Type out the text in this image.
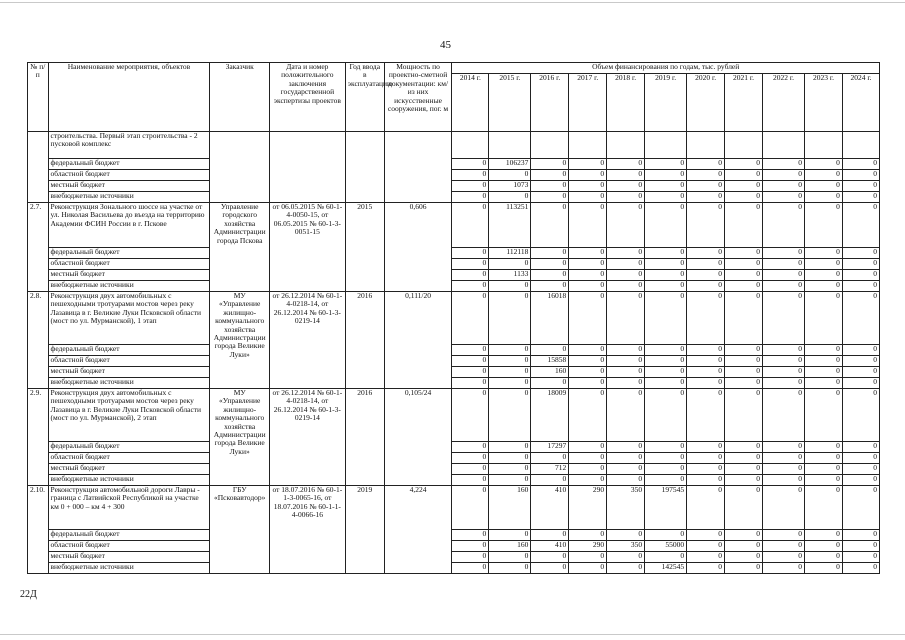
45
№ п/п	Наименование мероприятия, объектов	Заказчик	Дата и номер положительного заключения государственной экспертизы проектов	Год ввода в эксплуатацию	Мощность по проектно-сметной документации: км/из них искусственные сооружения, пог. м	Объем финансирования по годам, тыс. рублей										
						2014 г.	2015 г.	2016 г.	2017 г.	2018 г.	2019 г.	2020 г.	2021 г.	2022 г.	2023 г.	2024 г.
	строительства. Первый этап строительства - 2 пусковой комплекс															
	федеральный бюджет					0	106237	0	0	0	0	0	0	0	0	0
	областной бюджет					0	0	0	0	0	0	0	0	0	0	0
	местный бюджет					0	1073	0	0	0	0	0	0	0	0	0
	внебюджетные источники					0	0	0	0	0	0	0	0	0	0	0
2.7.	Реконструкция Зонального шоссе на участке от ул. Николая Васильева до въезда на территорию Академии ФСИН России в г. Пскове	Управление городского хозяйства Администрации города Пскова	от 06.05.2015 № 60-1-4-0050-15, от 06.05.2015 № 60-1-3-0051-15	2015	0,606	0	113251	0	0	0	0	0	0	0	0	0
	федеральный бюджет					0	112118	0	0	0	0	0	0	0	0	0
	областной бюджет					0	0	0	0	0	0	0	0	0	0	0
	местный бюджет					0	1133	0	0	0	0	0	0	0	0	0
	внебюджетные источники					0	0	0	0	0	0	0	0	0	0	0
2.8.	Реконструкция двух автомобильных с пешеходными тротуарами мостов через реку Лазавица в г. Великие Луки Псковской области (мост по ул. Мурманской), 1 этап	МУ «Управление жилищно-коммунального хозяйства Администрации города Великие Луки»	от 26.12.2014 № 60-1-4-0218-14, от 26.12.2014 № 60-1-3-0219-14	2016	0,111/20	0	0	16018	0	0	0	0	0	0	0	0
	федеральный бюджет					0	0	0	0	0	0	0	0	0	0	0
	областной бюджет					0	0	15858	0	0	0	0	0	0	0	0
	местный бюджет					0	0	160	0	0	0	0	0	0	0	0
	внебюджетные источники					0	0	0	0	0	0	0	0	0	0	0
2.9.	Реконструкция двух автомобильных с пешеходными тротуарами мостов через реку Лазавица в г. Великие Луки Псковской области (мост по ул. Мурманской), 2 этап	МУ «Управление жилищно-коммунального хозяйства Администрации города Великие Луки»	от 26.12.2014 № 60-1-4-0218-14, от 26.12.2014 № 60-1-3-0219-14	2016	0,105/24	0	0	18009	0	0	0	0	0	0	0	0
	федеральный бюджет					0	0	17297	0	0	0	0	0	0	0	0
	областной бюджет					0	0	0	0	0	0	0	0	0	0	0
	местный бюджет					0	0	712	0	0	0	0	0	0	0	0
	внебюджетные источники					0	0	0	0	0	0	0	0	0	0	0
2.10.	Реконструкция автомобильной дороги Лавры - граница с Латвийской Республикой на участке км 0 + 000 – км 4 + 300	ГБУ «Псковавтодор»	от 18.07.2016 № 60-1-1-3-0065-16, от 18.07.2016 № 60-1-1-4-0066-16	2019	4,224	0	160	410	290	350	197545	0	0	0	0	0
	федеральный бюджет					0	0	0	0	0	0	0	0	0	0	0
	областной бюджет					0	160	410	290	350	55000	0	0	0	0	0
	местный бюджет					0	0	0	0	0	0	0	0	0	0	0
	внебюджетные источники					0	0	0	0	0	142545	0	0	0	0	0
22Д
